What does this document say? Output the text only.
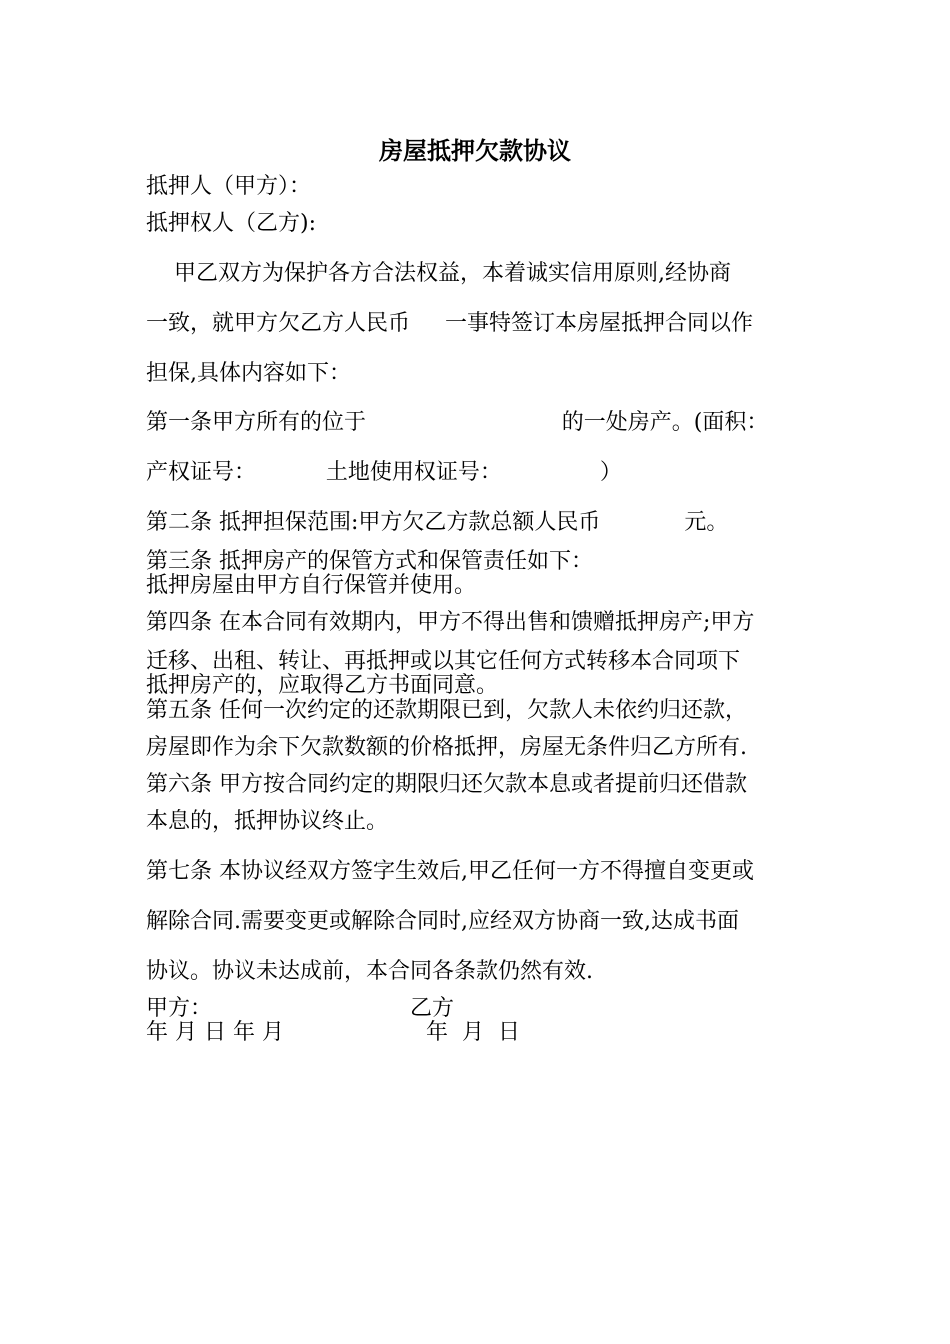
房屋抵押欠款协议
抵押人（甲方）：
抵押权人（乙方):
甲乙双方为保护各方合法权益，本着诚实信用原则,经协商
一致，就甲方欠乙方人民币     一事特签订本房屋抵押合同以作
担保,具体内容如下：
第一条甲方所有的位于                            的一处房产。(面积：
产权证号：          土地使用权证号：              ）
第二条 抵押担保范围:甲方欠乙方款总额人民币            元。
第三条 抵押房产的保管方式和保管责任如下：
抵押房屋由甲方自行保管并使用。
第四条 在本合同有效期内，甲方不得出售和馈赠抵押房产;甲方
迁移、出租、转让、再抵押或以其它任何方式转移本合同项下
抵押房产的，应取得乙方书面同意。
第五条 任何一次约定的还款期限已到，欠款人未依约归还款，
房屋即作为余下欠款数额的价格抵押，房屋无条件归乙方所有.
第六条 甲方按合同约定的期限归还欠款本息或者提前归还借款
本息的，抵押协议终止。
第七条 本协议经双方签字生效后,甲乙任何一方不得擅自变更或
解除合同.需要变更或解除合同时,应经双方协商一致,达成书面
协议。协议未达成前，本合同各条款仍然有效.
甲方：	乙方
年 月 日 年 月	年  月  日
